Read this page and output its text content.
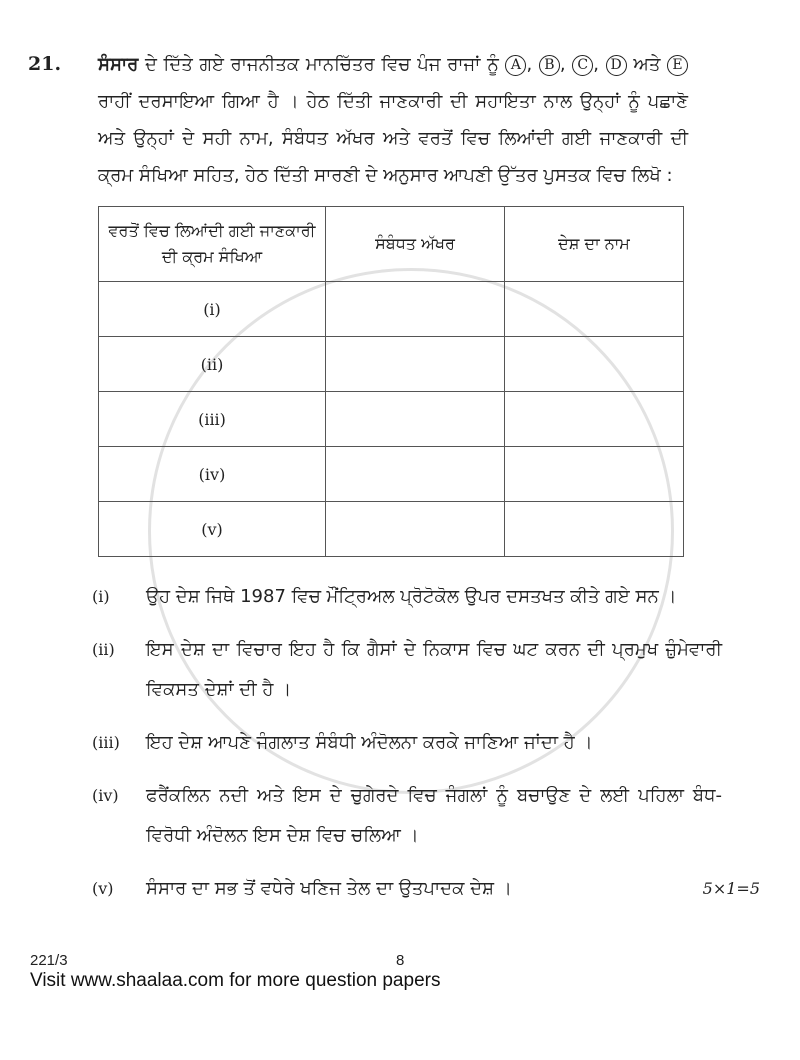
21.	ਸੰਸਾਰ ਦੇ ਦਿੱਤੇ ਗਏ ਰਾਜਨੀਤਕ ਮਾਨਚਿੱਤਰ ਵਿਚ ਪੰਜ ਰਾਜਾਂ ਨੂੰ A , B , C , D ਅਤੇ E ਰਾਹੀਂ ਦਰਸਾਇਆ ਗਿਆ ਹੈ । ਹੇਠ ਦਿੱਤੀ ਜਾਣਕਾਰੀ ਦੀ ਸਹਾਇਤਾ ਨਾਲ ਉਨ੍ਹਾਂ ਨੂੰ ਪਛਾਣੋ ਅਤੇ ਉਨ੍ਹਾਂ ਦੇ ਸਹੀ ਨਾਮ, ਸੰਬੰਧਤ ਅੱਖਰ ਅਤੇ ਵਰਤੋਂ ਵਿਚ ਲਿਆਂਦੀ ਗਈ ਜਾਣਕਾਰੀ ਦੀ ਕ੍ਰਮ ਸੰਖਿਆ ਸਹਿਤ, ਹੇਠ ਦਿੱਤੀ ਸਾਰਣੀ ਦੇ ਅਨੁਸਾਰ ਆਪਣੀ ਉੱਤਰ ਪੁਸਤਕ ਵਿਚ ਲਿਖੋ :
ਵਰਤੋਂ ਵਿਚ ਲਿਆਂਦੀ ਗਈ ਜਾਣਕਾਰੀ ਦੀ ਕ੍ਰਮ ਸੰਖਿਆ	ਸੰਬੰਧਤ ਅੱਖਰ	ਦੇਸ਼ ਦਾ ਨਾਮ
(i)		
(ii)		
(iii)		
(iv)		
(v)		
(i)	ਉਹ ਦੇਸ਼ ਜਿਥੇ 1987 ਵਿਚ ਮੌਂਟ੍ਰਿਅਲ ਪ੍ਰੋਟੋਕੋਲ ਉਪਰ ਦਸਤਖਤ ਕੀਤੇ ਗਏ ਸਨ ।
(ii)	ਇਸ ਦੇਸ਼ ਦਾ ਵਿਚਾਰ ਇਹ ਹੈ ਕਿ ਗੈਸਾਂ ਦੇ ਨਿਕਾਸ ਵਿਚ ਘਟ ਕਰਨ ਦੀ ਪ੍ਰਮੁਖ ਜ਼ੁੰਮੇਵਾਰੀ ਵਿਕਸਤ ਦੇਸ਼ਾਂ ਦੀ ਹੈ ।
(iii)	ਇਹ ਦੇਸ਼ ਆਪਣੇ ਜੰਗਲਾਤ ਸੰਬੰਧੀ ਅੰਦੋਲਨਾ ਕਰਕੇ ਜਾਣਿਆ ਜਾਂਦਾ ਹੈ ।
(iv)	ਫਰੈਂਕਲਿਨ ਨਦੀ ਅਤੇ ਇਸ ਦੇ ਚੁਗੇਰਦੇ ਵਿਚ ਜੰਗਲਾਂ ਨੂੰ ਬਚਾਉਣ ਦੇ ਲਈ ਪਹਿਲਾ ਬੰਧ-ਵਿਰੋਧੀ ਅੰਦੋਲਨ ਇਸ ਦੇਸ਼ ਵਿਚ ਚਲਿਆ ।
(v)	ਸੰਸਾਰ ਦਾ ਸਭ ਤੋਂ ਵਧੇਰੇ ਖਣਿਜ ਤੇਲ ਦਾ ਉਤਪਾਦਕ ਦੇਸ਼ ।	5×1=5
221/3	8
Visit www.shaalaa.com for more question papers
